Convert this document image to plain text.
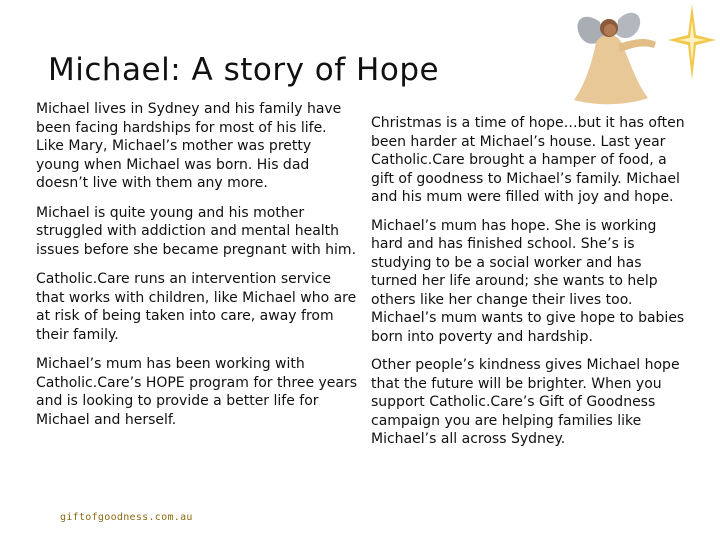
Michael: A story of Hope

Michael lives in Sydney and his family have been facing hardships for most of his life. Like Mary, Michael’s mother was pretty young when Michael was born. His dad doesn’t live with them any more.

Michael is quite young and his mother struggled with addiction and mental health issues before she became pregnant with him.

Catholic.Care runs an intervention service that works with children, like Michael who are at risk of being taken into care, away from their family.

Michael’s mum has been working with Catholic.Care’s HOPE program for three years and is looking to provide a better life for Michael and herself.

Christmas is a time of hope…but it has often been harder at Michael’s house. Last year Catholic.Care brought a hamper of food, a gift of goodness to Michael’s family. Michael and his mum were filled with joy and hope.

Michael’s mum has hope. She is working hard and has finished school. She’s is studying to be a social worker and has turned her life around; she wants to help others like her change their lives too. Michael’s mum wants to give hope to babies born into poverty and hardship.

Other people’s kindness gives Michael hope that the future will be brighter. When you support Catholic.Care’s Gift of Goodness campaign you are helping families like Michael’s all across Sydney.

giftofgoodness.com.au
